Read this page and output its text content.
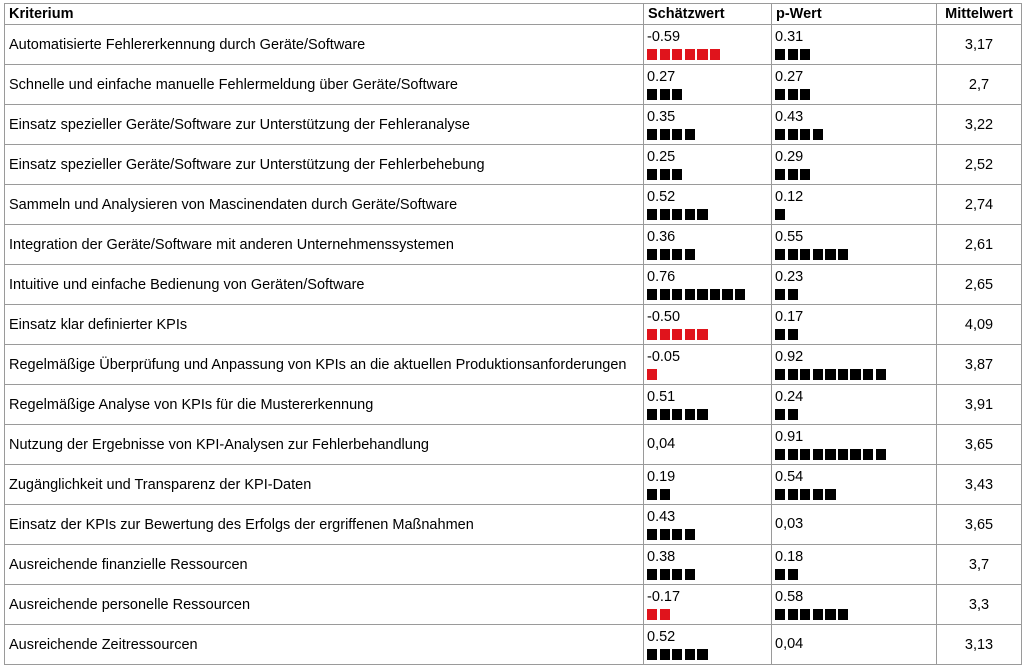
Kriterium	Schätzwert	p-Wert	Mittelwert
Automatisierte Fehlererkennung durch Geräte/Software	-0.59	0.31	3,17
Schnelle und einfache manuelle Fehlermeldung über Geräte/Software	0.27	0.27	2,7
Einsatz spezieller Geräte/Software zur Unterstützung der Fehleranalyse	0.35	0.43	3,22
Einsatz spezieller Geräte/Software zur Unterstützung der Fehlerbehebung	0.25	0.29	2,52
Sammeln und Analysieren von Mascinendaten durch Geräte/Software	0.52	0.12	2,74
Integration der Geräte/Software mit anderen Unternehmenssystemen	0.36	0.55	2,61
Intuitive und einfache Bedienung von Geräten/Software	0.76	0.23	2,65
Einsatz klar definierter KPIs	-0.50	0.17	4,09
Regelmäßige Überprüfung und Anpassung von KPIs an die aktuellen Produktionsanforderungen	-0.05	0.92	3,87
Regelmäßige Analyse von KPIs für die Mustererkennung	0.51	0.24	3,91
Nutzung der Ergebnisse von KPI-Analysen zur Fehlerbehandlung	0,04	0.91	3,65
Zugänglichkeit und Transparenz der KPI-Daten	0.19	0.54	3,43
Einsatz der KPIs zur Bewertung des Erfolgs der ergriffenen Maßnahmen	0.43	0,03	3,65
Ausreichende finanzielle Ressourcen	0.38	0.18	3,7
Ausreichende personelle Ressourcen	-0.17	0.58	3,3
Ausreichende Zeitressourcen	0.52	0,04	3,13
